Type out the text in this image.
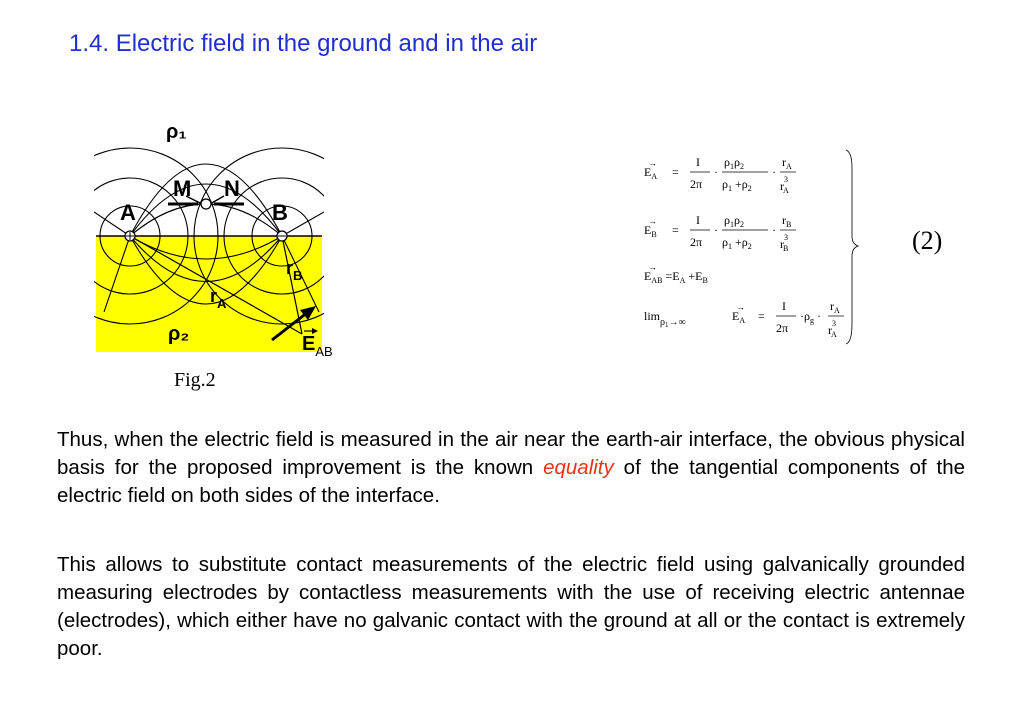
1.4. Electric field in the ground and in the air
ρ₁
M N
A	B
ρ₂
$r_A$
$r_B$
$E_{AB}$
Fig.2
$E_A$
→
=
I
2π
·
$\rho_1\rho_2$
$\rho_1 +\rho_2$
·
$r_A$
$r^3$ A
$E_B$
→
=
I
2π
·
$\rho_1\rho_2$
$\rho_1 +\rho_2$
·
$r_B$
$r^3$ B
$E_{AB} =E_A +E_B$
→
$\lim_\rho 1\to\infty$	$E_A$
→
=
I
2π
$\cdot\rho_g$ ·
$r_A$
$r^3$ A
(2)

Thus, when the electric field is measured in the air near the earth-air interface, the obvious physical basis for the proposed improvement is the known equality of the tangential components of the electric field on both sides of the interface.

This allows to substitute contact measurements of the electric field using galvanically grounded measuring electrodes by contactless measurements with the use of receiving electric antennae (electrodes), which either have no galvanic contact with the ground at all or the contact is extremely poor.
